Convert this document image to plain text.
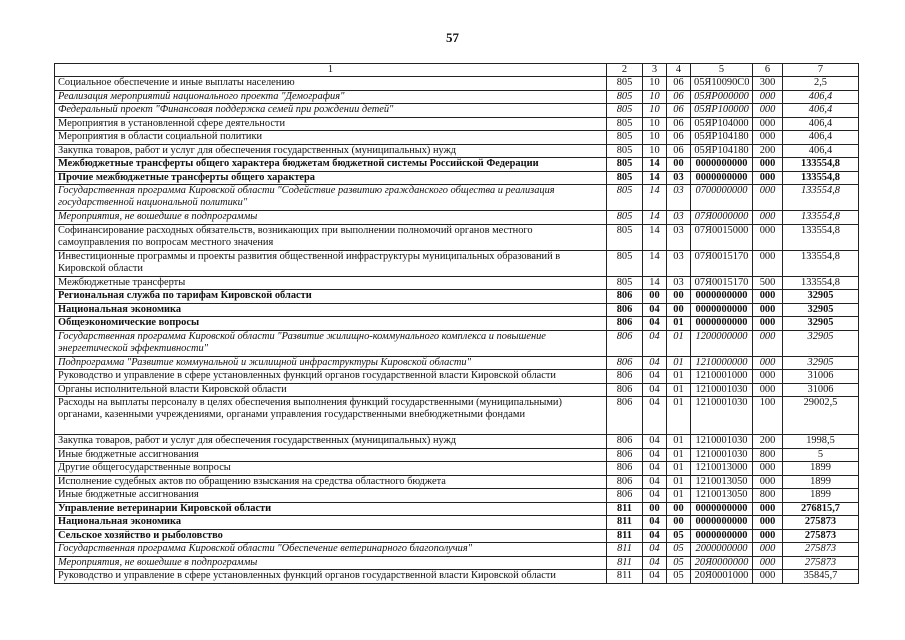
57
1	2	3	4	5	6	7
Социальное обеспечение и иные выплаты населению	805	10	06	05Я10090С0	300	2,5
Реализация мероприятий национального проекта "Демография"	805	10	06	05ЯР000000	000	406,4
Федеральный проект "Финансовая поддержка семей при рождении детей"	805	10	06	05ЯР100000	000	406,4
Мероприятия в установленной сфере деятельности	805	10	06	05ЯР104000	000	406,4
Мероприятия в области социальной политики	805	10	06	05ЯР104180	000	406,4
Закупка товаров, работ и услуг для обеспечения государственных (муниципальных) нужд	805	10	06	05ЯР104180	200	406,4
Межбюджетные трансферты общего характера бюджетам бюджетной системы Российской Федерации	805	14	00	0000000000	000	133554,8
Прочие межбюджетные трансферты общего характера	805	14	03	0000000000	000	133554,8
Государственная программа Кировской области "Содействие развитию гражданского общества и реализация государственной национальной политики"	805	14	03	0700000000	000	133554,8
Мероприятия, не вошедшие в подпрограммы	805	14	03	07Я0000000	000	133554,8
Софинансирование расходных обязательств, возникающих при выполнении полномочий органов местного самоуправления по вопросам местного значения	805	14	03	07Я0015000	000	133554,8
Инвестиционные программы и проекты развития общественной инфраструктуры муниципальных образований в Кировской области	805	14	03	07Я0015170	000	133554,8
Межбюджетные трансферты	805	14	03	07Я0015170	500	133554,8
Региональная служба по тарифам Кировской области	806	00	00	0000000000	000	32905
Национальная экономика	806	04	00	0000000000	000	32905
Общеэкономические вопросы	806	04	01	0000000000	000	32905
Государственная программа Кировской области "Развитие жилищно-коммунального комплекса и повышение энергетической эффективности"	806	04	01	1200000000	000	32905
Подпрограмма "Развитие коммунальной и жилищной инфраструктуры Кировской области"	806	04	01	1210000000	000	32905
Руководство и управление в сфере установленных функций органов государственной власти Кировской области	806	04	01	1210001000	000	31006
Органы исполнительной власти Кировской области	806	04	01	1210001030	000	31006
Расходы на выплаты персоналу в целях обеспечения выполнения функций государственными (муниципальными) органами, казенными учреждениями, органами управления государственными внебюджетными фондами	806	04	01	1210001030	100	29002,5
Закупка товаров, работ и услуг для обеспечения государственных (муниципальных) нужд	806	04	01	1210001030	200	1998,5
Иные бюджетные ассигнования	806	04	01	1210001030	800	5
Другие общегосударственные вопросы	806	04	01	1210013000	000	1899
Исполнение судебных актов по обращению взыскания на средства областного бюджета	806	04	01	1210013050	000	1899
Иные бюджетные ассигнования	806	04	01	1210013050	800	1899
Управление ветеринарии Кировской области	811	00	00	0000000000	000	276815,7
Национальная экономика	811	04	00	0000000000	000	275873
Сельское хозяйство и рыболовство	811	04	05	0000000000	000	275873
Государственная программа Кировской области "Обеспечение ветеринарного благополучия"	811	04	05	2000000000	000	275873
Мероприятия, не вошедшие в подпрограммы	811	04	05	20Я0000000	000	275873
Руководство и управление в сфере установленных функций органов государственной власти Кировской области	811	04	05	20Я0001000	000	35845,7
